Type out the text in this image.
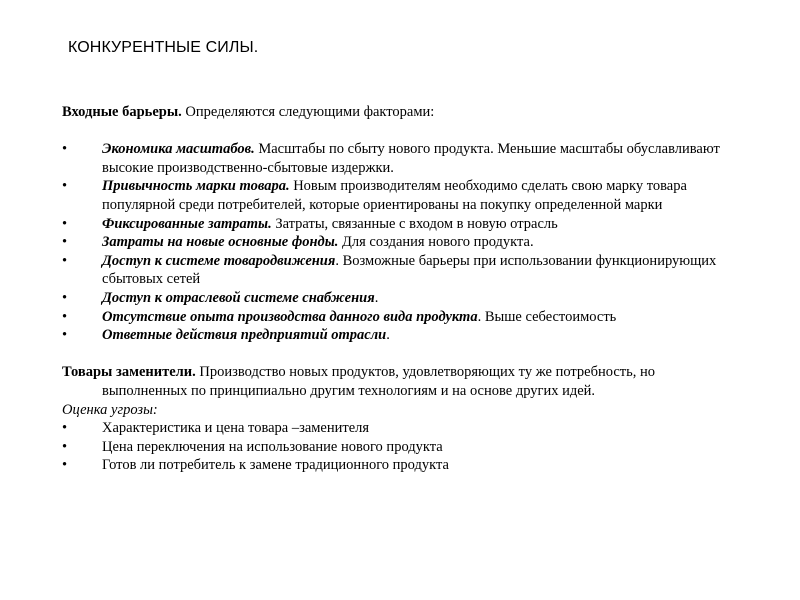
КОНКУРЕНТНЫЕ СИЛЫ.

Входные барьеры. Определяются следующими факторами:

• Экономика масштабов. Масштабы по сбыту нового продукта. Меньшие масштабы обуславливают высокие производственно-сбытовые издержки.
• Привычность марки товара. Новым производителям необходимо сделать свою марку товара популярной среди потребителей, которые ориентированы на покупку определенной марки
• Фиксированные затраты. Затраты, связанные с входом в новую отрасль
• Затраты на новые основные фонды. Для создания нового продукта.
• Доступ к системе товародвижения. Возможные барьеры при использовании функционирующих сбытовых сетей
• Доступ к отраслевой системе снабжения.
• Отсутствие опыта производства данного вида продукта. Выше себестоимость
• Ответные действия предприятий отрасли.

Товары заменители. Производство новых продуктов, удовлетворяющих ту же потребность, но выполненных по принципиально другим технологиям и на основе других идей.

Оценка угрозы:

• Характеристика и цена товара –заменителя
• Цена переключения на использование нового продукта
• Готов ли потребитель к замене традиционного продукта
